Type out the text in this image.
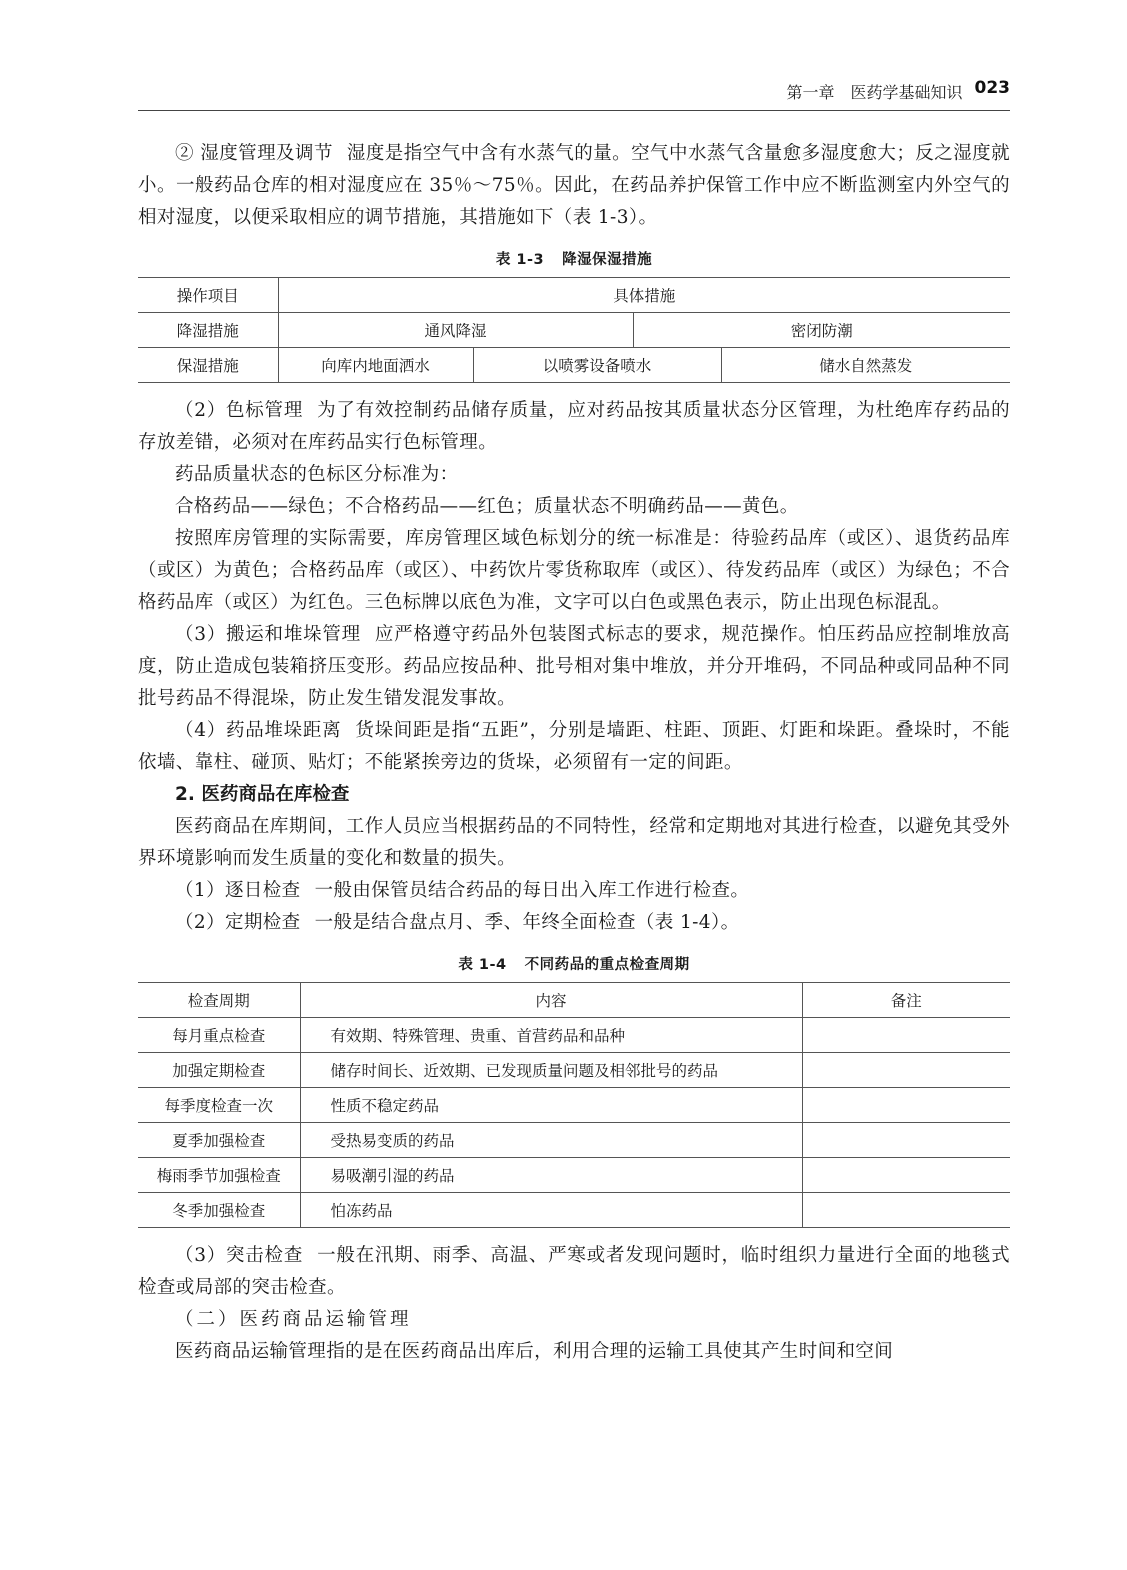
第一章　医药学基础知识 023

② 湿度管理及调节 湿度是指空气中含有水蒸气的量。空气中水蒸气含量愈多湿度愈大；反之湿度就小。一般药品仓库的相对湿度应在 35％～75％。因此，在药品养护保管工作中应不断监测室内外空气的相对湿度，以便采取相应的调节措施，其措施如下（表 1-3）。

表 1-3 降湿保湿措施
操作项目	具体措施			
降湿措施	通风降湿		密闭防潮	
保湿措施	向库内地面洒水	以喷雾设备喷水		储水自然蒸发

（2）色标管理 为了有效控制药品储存质量，应对药品按其质量状态分区管理，为杜绝库存药品的存放差错，必须对在库药品实行色标管理。

药品质量状态的色标区分标准为：

合格药品——绿色；不合格药品——红色；质量状态不明确药品——黄色。

按照库房管理的实际需要，库房管理区域色标划分的统一标准是：待验药品库（或区）、退货药品库（或区）为黄色；合格药品库（或区）、中药饮片零货称取库（或区）、待发药品库（或区）为绿色；不合格药品库（或区）为红色。三色标牌以底色为准，文字可以白色或黑色表示，防止出现色标混乱。

（3）搬运和堆垛管理 应严格遵守药品外包装图式标志的要求，规范操作。怕压药品应控制堆放高度，防止造成包装箱挤压变形。药品应按品种、批号相对集中堆放，并分开堆码，不同品种或同品种不同批号药品不得混垛，防止发生错发混发事故。

（4）药品堆垛距离 货垛间距是指“五距”，分别是墙距、柱距、顶距、灯距和垛距。叠垛时，不能依墙、靠柱、碰顶、贴灯；不能紧挨旁边的货垛，必须留有一定的间距。

2. 医药商品在库检查

医药商品在库期间，工作人员应当根据药品的不同特性，经常和定期地对其进行检查，以避免其受外界环境影响而发生质量的变化和数量的损失。

（1）逐日检查 一般由保管员结合药品的每日出入库工作进行检查。

（2）定期检查 一般是结合盘点月、季、年终全面检查（表 1-4）。

表 1-4 不同药品的重点检查周期
检查周期	内容	备注
每月重点检查	有效期、特殊管理、贵重、首营药品和品种	
加强定期检查	储存时间长、近效期、已发现质量问题及相邻批号的药品	
每季度检查一次	性质不稳定药品	
夏季加强检查	受热易变质的药品	
梅雨季节加强检查	易吸潮引湿的药品	
冬季加强检查	怕冻药品	

（3）突击检查 一般在汛期、雨季、高温、严寒或者发现问题时，临时组织力量进行全面的地毯式检查或局部的突击检查。

（二）医药商品运输管理

医药商品运输管理指的是在医药商品出库后，利用合理的运输工具使其产生时间和空间
